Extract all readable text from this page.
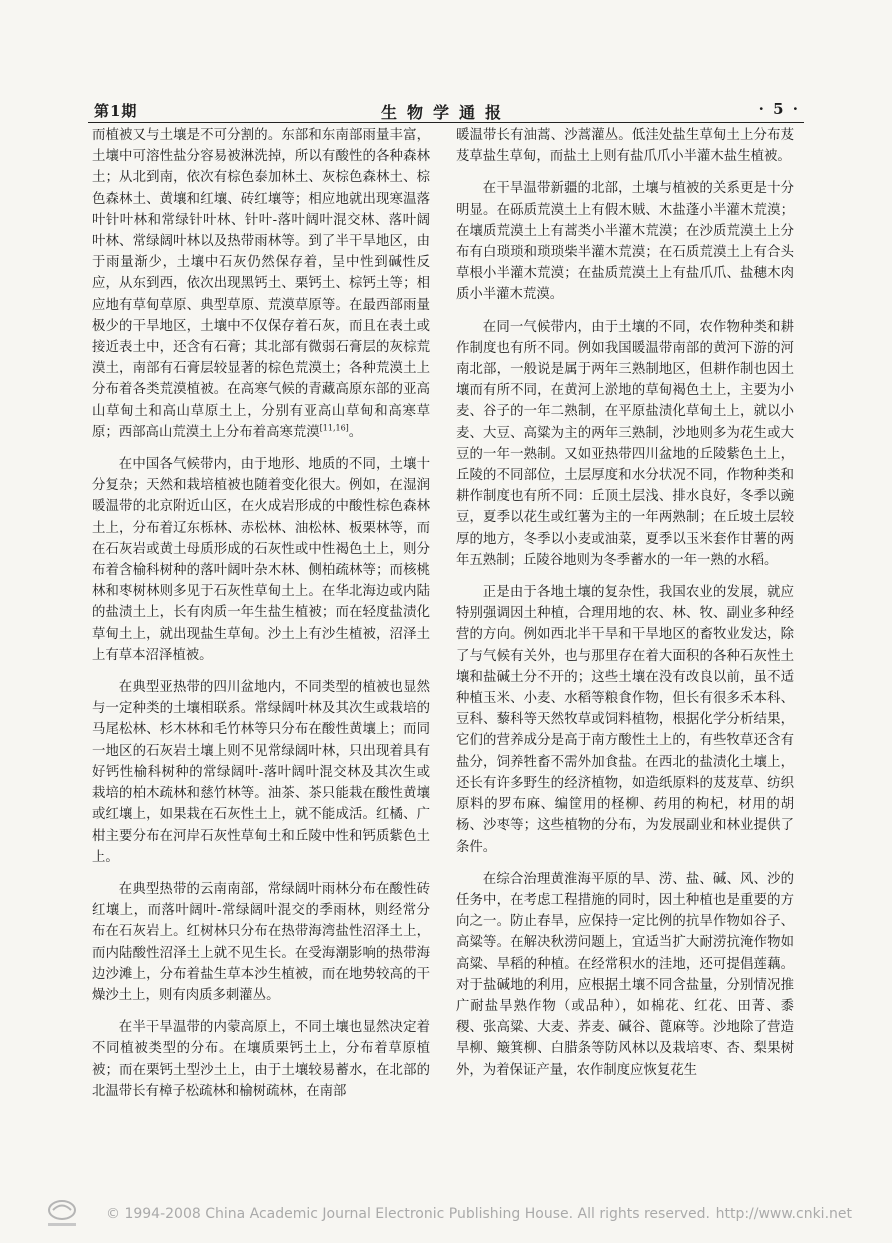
第1期	生物学通报	· 5 ·

而植被又与土壤是不可分割的。东部和东南部雨量丰富，土壤中可溶性盐分容易被淋洗掉，所以有酸性的各种森林土；从北到南，依次有棕色泰加林土、灰棕色森林土、棕色森林土、黄壤和红壤、砖红壤等；相应地就出现寒温落叶针叶林和常绿针叶林、针叶-落叶阔叶混交林、落叶阔叶林、常绿阔叶林以及热带雨林等。到了半干旱地区，由于雨量渐少，土壤中石灰仍然保存着，呈中性到碱性反应，从东到西，依次出现黑钙土、栗钙土、棕钙土等；相应地有草甸草原、典型草原、荒漠草原等。在最西部雨量极少的干旱地区，土壤中不仅保存着石灰，而且在表土或接近表土中，还含有石膏；其北部有微弱石膏层的灰棕荒漠土，南部有石膏层较显著的棕色荒漠土；各种荒漠土上分布着各类荒漠植被。在高寒气候的青藏高原东部的亚高山草甸土和高山草原土上，分别有亚高山草甸和高寒草原；西部高山荒漠土上分布着高寒荒漠[11,16]。

在中国各气候带内，由于地形、地质的不同，土壤十分复杂；天然和栽培植被也随着变化很大。例如，在湿润暖温带的北京附近山区，在火成岩形成的中酸性棕色森林土上，分布着辽东栎林、赤松林、油松林、板栗林等，而在石灰岩或黄土母质形成的石灰性或中性褐色土上，则分布着含榆科树种的落叶阔叶杂木林、侧柏疏林等；而核桃林和枣树林则多见于石灰性草甸土上。在华北海边或内陆的盐渍土上，长有肉质一年生盐生植被；而在轻度盐渍化草甸土上，就出现盐生草甸。沙土上有沙生植被，沼泽土上有草本沼泽植被。

在典型亚热带的四川盆地内，不同类型的植被也显然与一定种类的土壤相联系。常绿阔叶林及其次生或栽培的马尾松林、杉木林和毛竹林等只分布在酸性黄壤上；而同一地区的石灰岩土壤上则不见常绿阔叶林，只出现着具有好钙性榆科树种的常绿阔叶-落叶阔叶混交林及其次生或栽培的柏木疏林和慈竹林等。油茶、茶只能栽在酸性黄壤或红壤上，如果栽在石灰性土上，就不能成活。红橘、广柑主要分布在河岸石灰性草甸土和丘陵中性和钙质紫色土上。

在典型热带的云南南部，常绿阔叶雨林分布在酸性砖红壤上，而落叶阔叶-常绿阔叶混交的季雨林，则经常分布在石灰岩上。红树林只分布在热带海湾盐性沼泽土上，而内陆酸性沼泽土上就不见生长。在受海潮影响的热带海边沙滩上，分布着盐生草本沙生植被，而在地势较高的干燥沙土上，则有肉质多刺灌丛。

在半干旱温带的内蒙高原上，不同土壤也显然决定着不同植被类型的分布。在壤质栗钙土上，分布着草原植被；而在栗钙土型沙土上，由于土壤较易蓄水，在北部的北温带长有樟子松疏林和榆树疏林，在南部

暖温带长有油蒿、沙蒿灌丛。低洼处盐生草甸土上分布芨芨草盐生草甸，而盐土上则有盐爪爪小半灌木盐生植被。

在干旱温带新疆的北部，土壤与植被的关系更是十分明显。在砾质荒漠土上有假木贼、木盐蓬小半灌木荒漠；在壤质荒漠土上有蒿类小半灌木荒漠；在沙质荒漠土上分布有白琐琐和琐琐柴半灌木荒漠；在石质荒漠土上有合头草根小半灌木荒漠；在盐质荒漠土上有盐爪爪、盐穗木肉质小半灌木荒漠。

在同一气候带内，由于土壤的不同，农作物种类和耕作制度也有所不同。例如我国暖温带南部的黄河下游的河南北部，一般说是属于两年三熟制地区，但耕作制也因土壤而有所不同，在黄河上淤地的草甸褐色土上，主要为小麦、谷子的一年二熟制，在平原盐渍化草甸土上，就以小麦、大豆、高粱为主的两年三熟制，沙地则多为花生或大豆的一年一熟制。又如亚热带四川盆地的丘陵紫色土上，丘陵的不同部位，土层厚度和水分状况不同，作物种类和耕作制度也有所不同：丘顶土层浅、排水良好，冬季以豌豆，夏季以花生或红薯为主的一年两熟制；在丘坡土层较厚的地方，冬季以小麦或油菜，夏季以玉米套作甘薯的两年五熟制；丘陵谷地则为冬季蓄水的一年一熟的水稻。

正是由于各地土壤的复杂性，我国农业的发展，就应特别强调因土种植，合理用地的农、林、牧、副业多种经营的方向。例如西北半干旱和干旱地区的畜牧业发达，除了与气候有关外，也与那里存在着大面积的各种石灰性土壤和盐碱土分不开的；这些土壤在没有改良以前，虽不适种植玉米、小麦、水稻等粮食作物，但长有很多禾本科、豆科、藜科等天然牧草或饲料植物，根据化学分析结果，它们的营养成分是高于南方酸性土上的，有些牧草还含有盐分，饲养牲畜不需外加食盐。在西北的盐渍化土壤上，还长有许多野生的经济植物，如造纸原料的芨芨草、纺织原料的罗布麻、编筐用的柽柳、药用的枸杞，材用的胡杨、沙枣等；这些植物的分布，为发展副业和林业提供了条件。

在综合治理黄淮海平原的旱、涝、盐、碱、风、沙的任务中，在考虑工程措施的同时，因土种植也是重要的方向之一。防止春旱，应保持一定比例的抗旱作物如谷子、高粱等。在解决秋涝问题上，宜适当扩大耐涝抗淹作物如高粱、旱稻的种植。在经常积水的洼地，还可提倡莲藕。对于盐碱地的利用，应根据土壤不同含盐量，分别情况推广耐盐旱熟作物（或品种），如棉花、红花、田菁、黍稷、张高粱、大麦、荞麦、碱谷、蓖麻等。沙地除了营造旱柳、簸箕柳、白腊条等防风林以及栽培枣、杏、梨果树外，为着保证产量，农作制度应恢复花生

© 1994-2008 China Academic Journal Electronic Publishing House. All rights reserved. http://www.cnki.net
